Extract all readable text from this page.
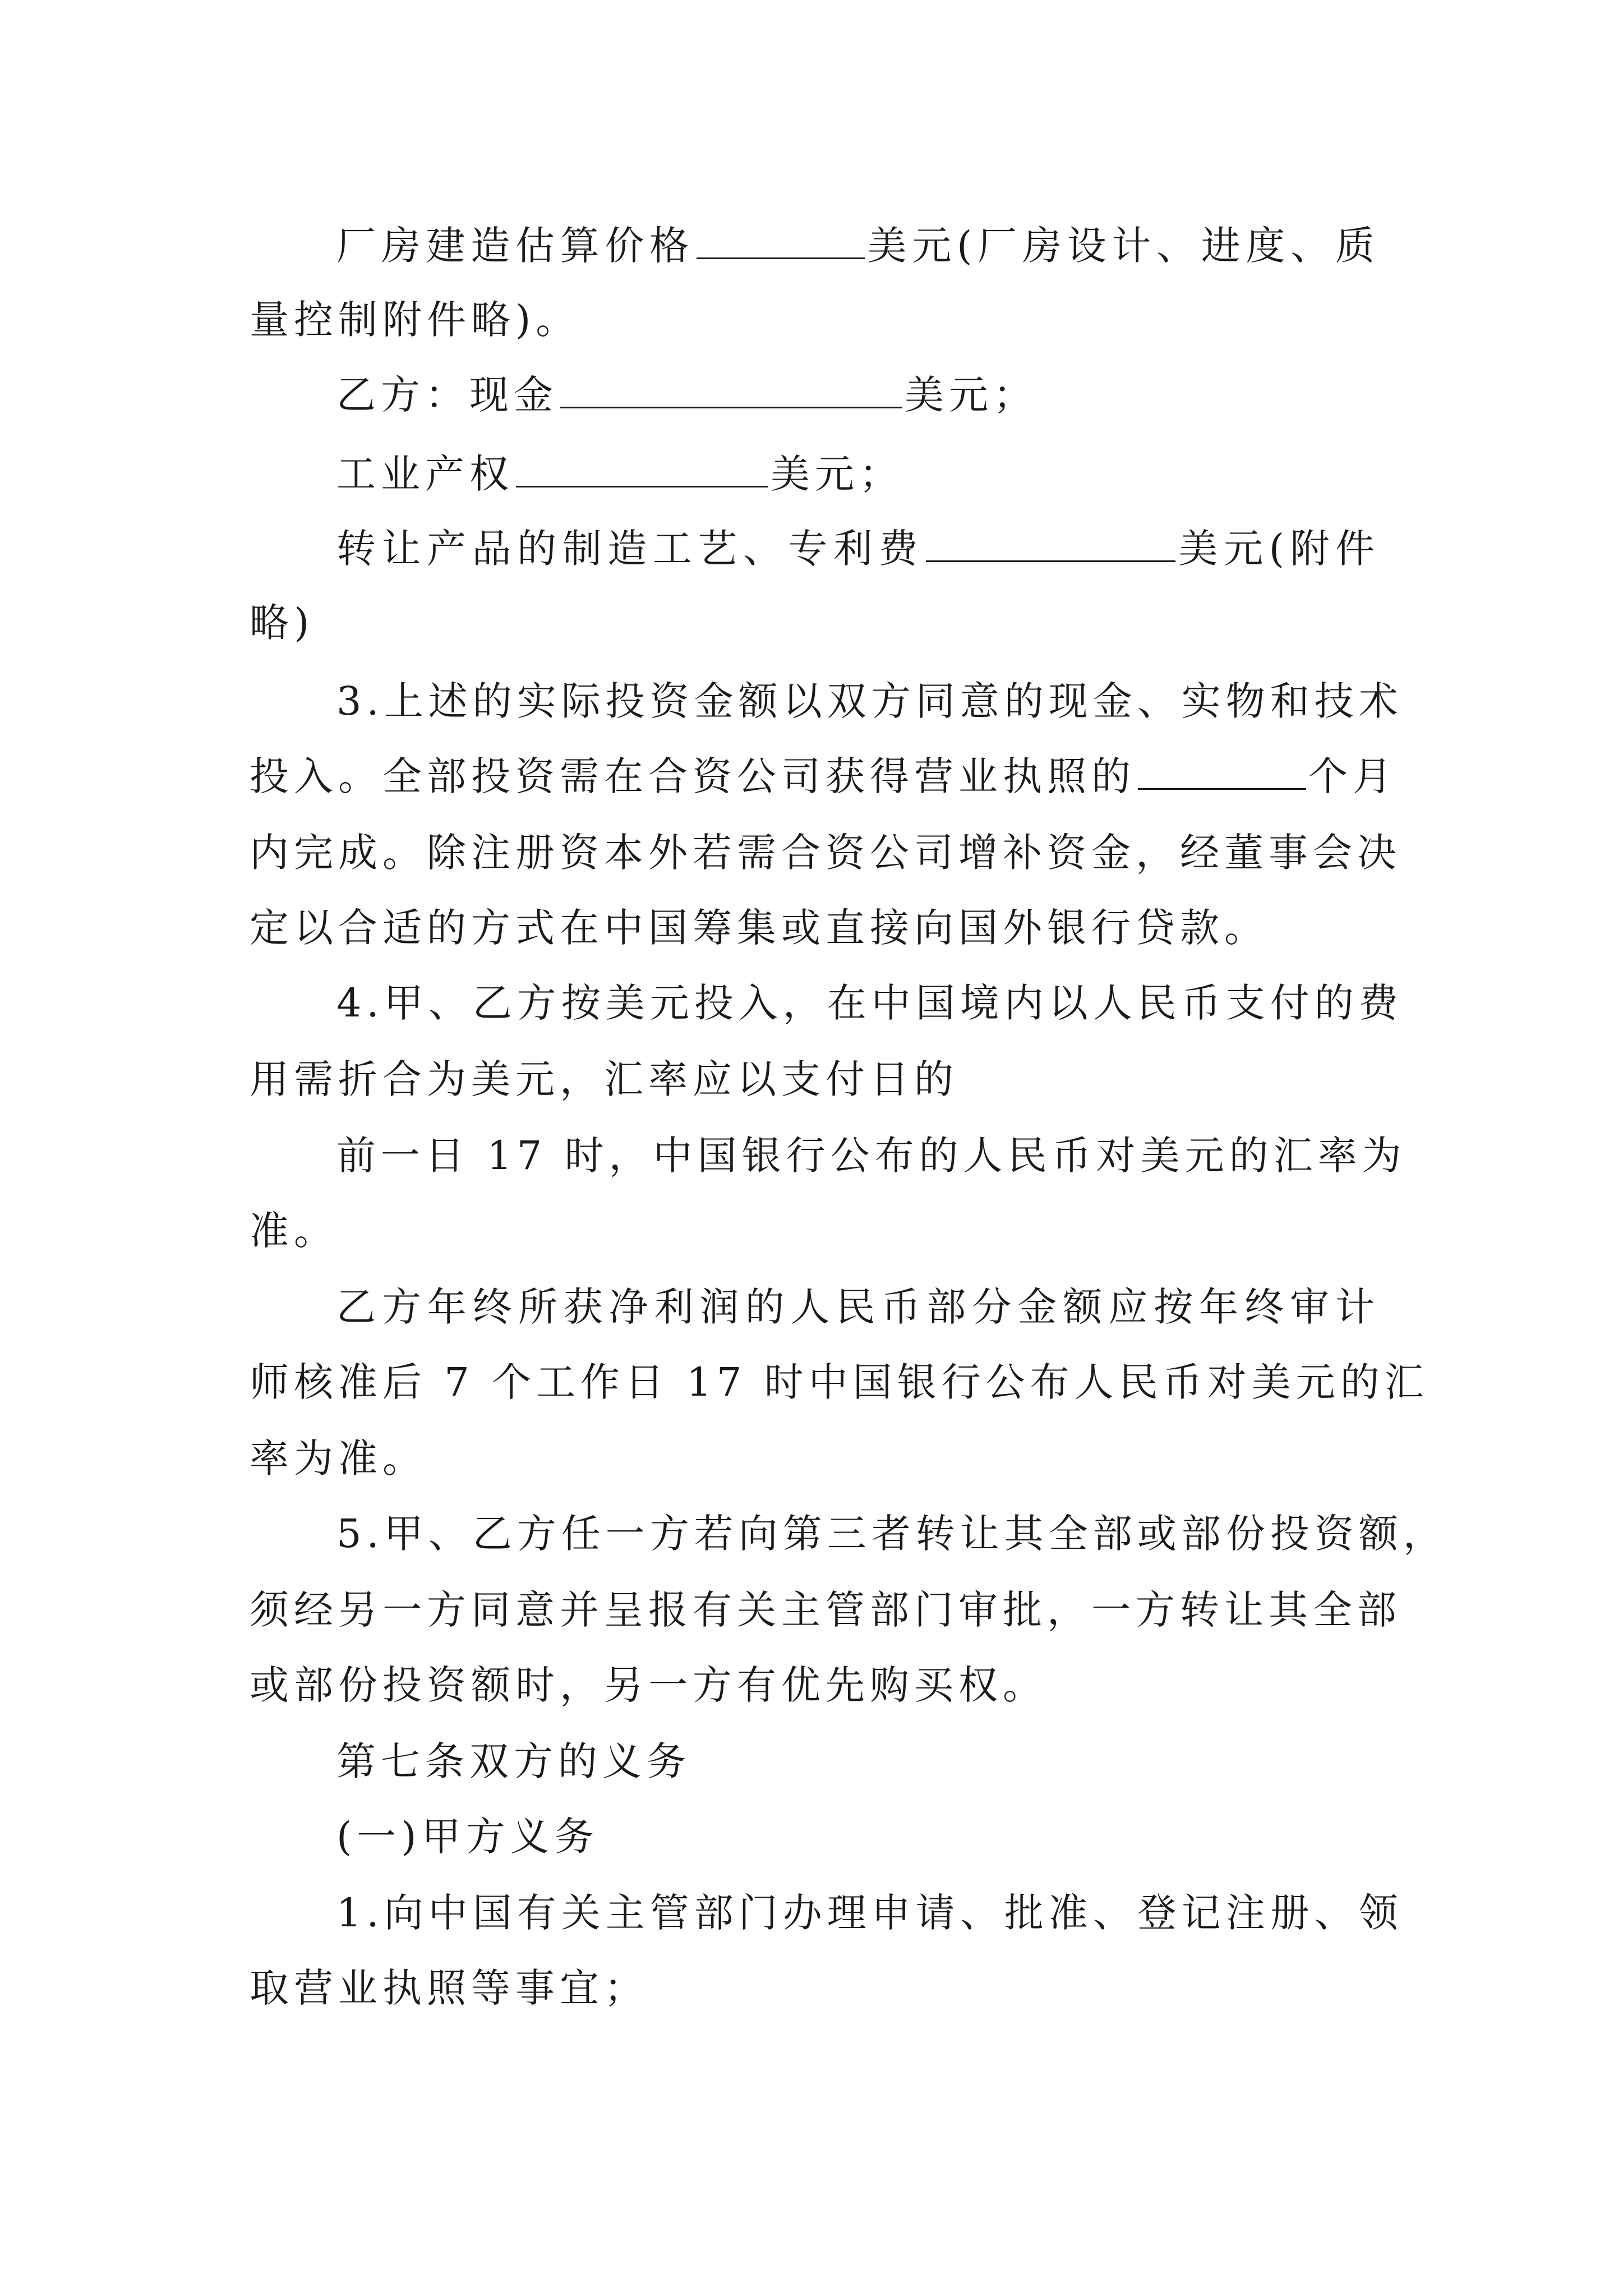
厂房建造估算价格	美元(厂房设计、进度、质
量控制附件略)。
乙方：现金	美元；
工业产权	美元；
转让产品的制造工艺、专利费	美元(附件
略)
3.上述的实际投资金额以双方同意的现金、实物和技术
投入。全部投资需在合资公司获得营业执照的	个月
内完成。除注册资本外若需合资公司增补资金，经董事会决
定以合适的方式在中国筹集或直接向国外银行贷款。
4.甲、乙方按美元投入，在中国境内以人民币支付的费
用需折合为美元，汇率应以支付日的
前一日 17 时，中国银行公布的人民币对美元的汇率为
准。
乙方年终所获净利润的人民币部分金额应按年终审计
师核准后 7 个工作日 17 时中国银行公布人民币对美元的汇
率为准。
5.甲、乙方任一方若向第三者转让其全部或部份投资额，
须经另一方同意并呈报有关主管部门审批，一方转让其全部
或部份投资额时，另一方有优先购买权。
第七条双方的义务
(一)甲方义务
1.向中国有关主管部门办理申请、批准、登记注册、领
取营业执照等事宜；
